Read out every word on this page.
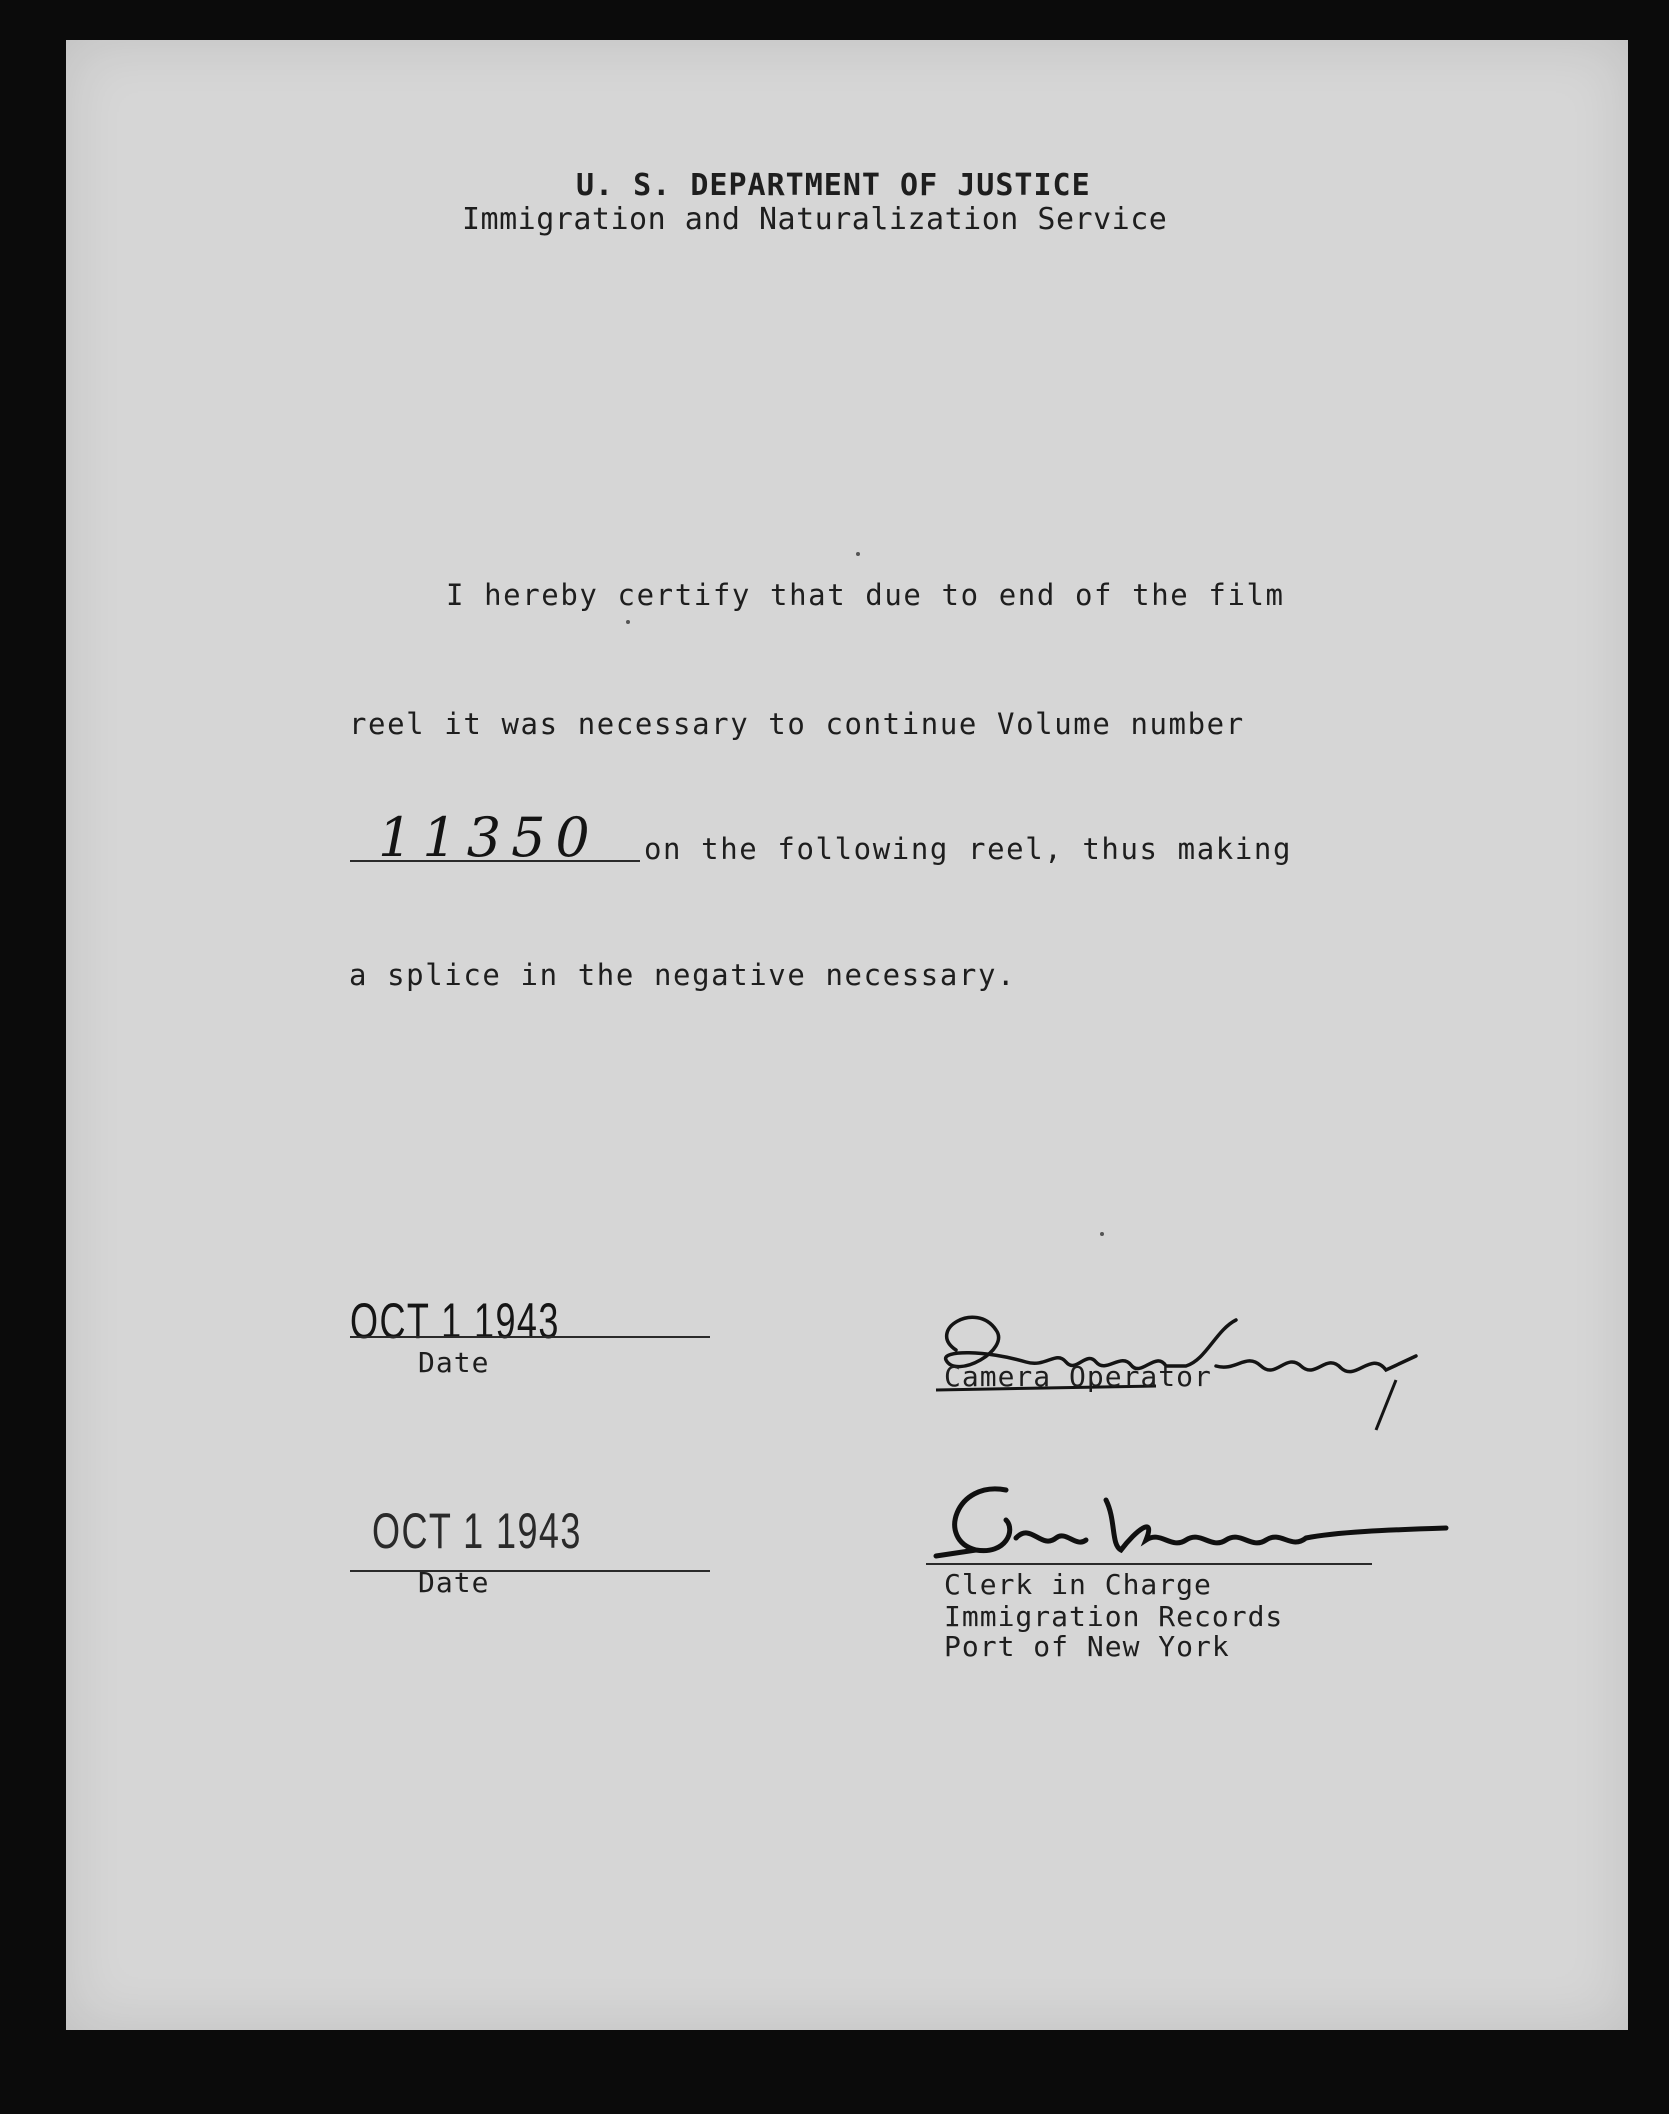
U. S. DEPARTMENT OF JUSTICE
Immigration and Naturalization Service
I hereby certify that due to end of the film
reel it was necessary to continue Volume number
11350 on the following reel, thus making
a splice in the negative necessary.
OCT 1 1943
Date	Camera Operator
OCT 1 1943
Date	Clerk in Charge
Immigration Records
Port of New York
